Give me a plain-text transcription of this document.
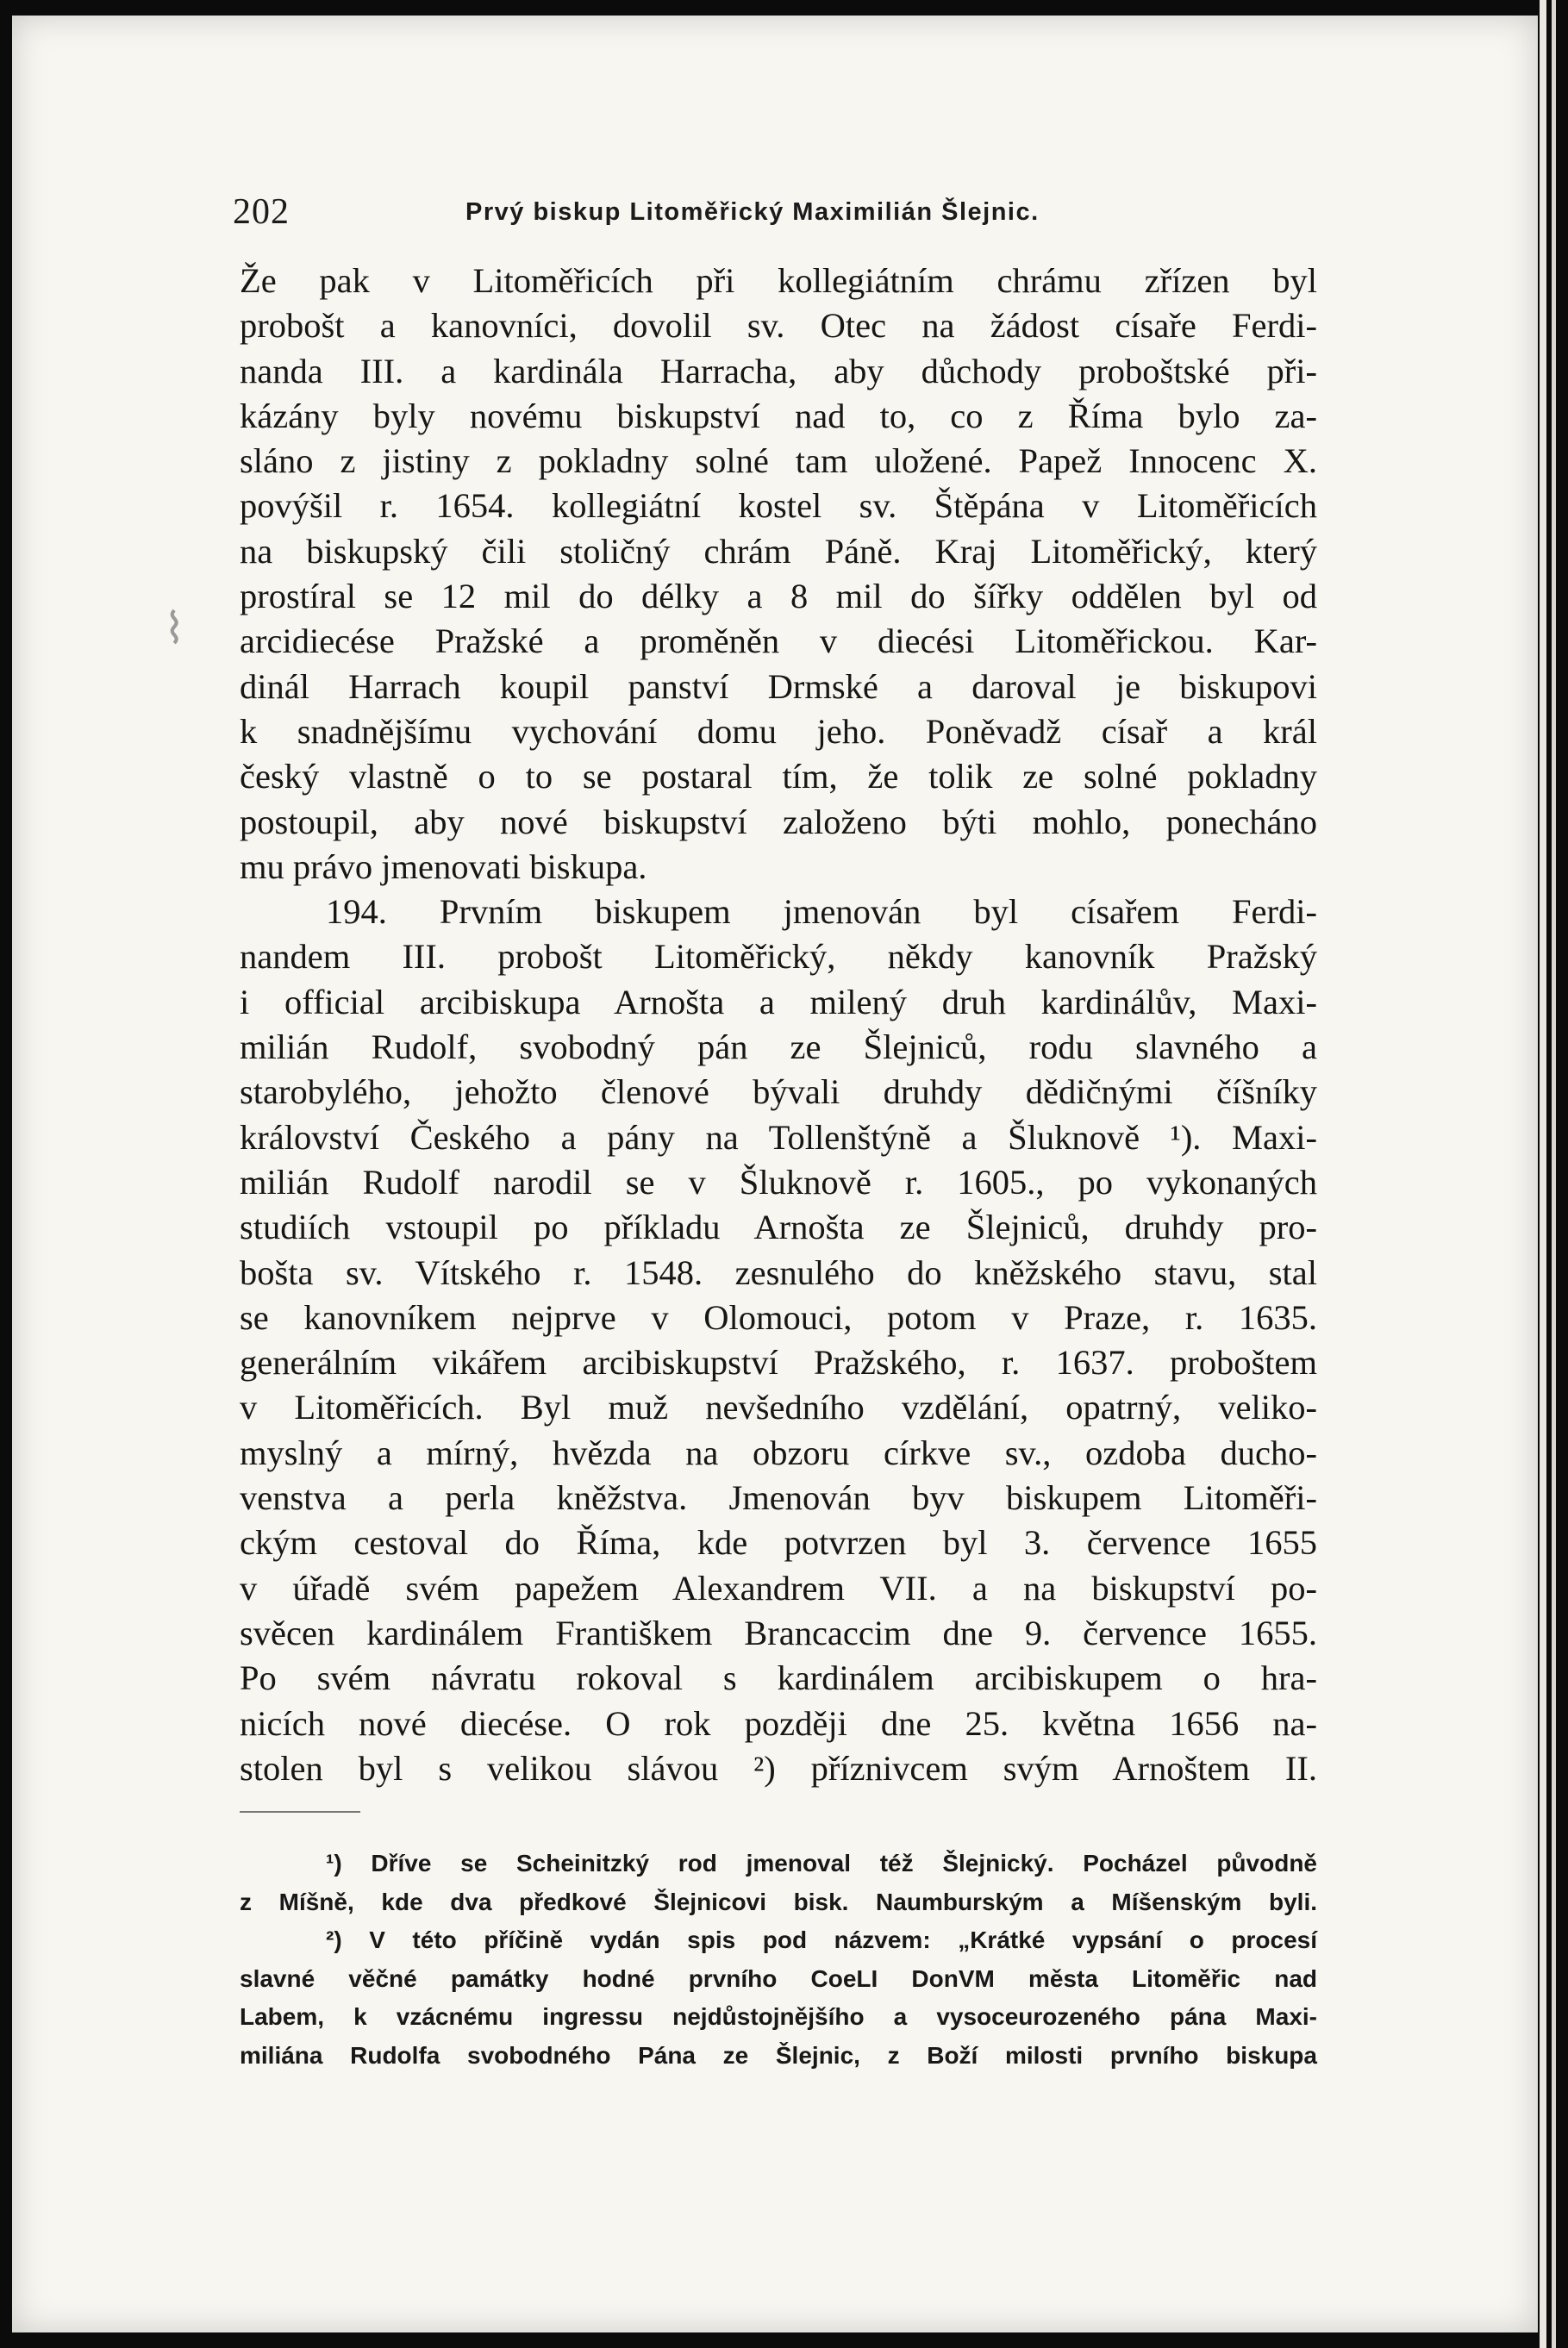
202	Prvý biskup Litoměřický Maximilián Šlejnic.
⌇
Že pak v Litoměřicích při kollegiátním chrámu zřízen byl
probošt a kanovníci, dovolil sv. Otec na žádost císaře Ferdi-
nanda III. a kardinála Harracha, aby důchody proboštské při-
kázány byly novému biskupství nad to, co z Říma bylo za-
sláno z jistiny z pokladny solné tam uložené. Papež Innocenc X.
povýšil r. 1654. kollegiátní kostel sv. Štěpána v Litoměřicích
na biskupský čili stoličný chrám Páně. Kraj Litoměřický, který
prostíral se 12 mil do délky a 8 mil do šířky oddělen byl od
arcidiecése Pražské a proměněn v diecési Litoměřickou. Kar-
dinál Harrach koupil panství Drmské a daroval je biskupovi
k snadnějšímu vychování domu jeho. Poněvadž císař a král
český vlastně o to se postaral tím, že tolik ze solné pokladny
postoupil, aby nové biskupství založeno býti mohlo, ponecháno
mu právo jmenovati biskupa.
194. Prvním biskupem jmenován byl císařem Ferdi-
nandem III. probošt Litoměřický, někdy kanovník Pražský
i official arcibiskupa Arnošta a milený druh kardinálův, Maxi-
milián Rudolf, svobodný pán ze Šlejniců, rodu slavného a
starobylého, jehožto členové bývali druhdy dědičnými číšníky
království Českého a pány na Tollenštýně a Šluknově ¹). Maxi-
milián Rudolf narodil se v Šluknově r. 1605., po vykonaných
studiích vstoupil po příkladu Arnošta ze Šlejniců, druhdy pro-
bošta sv. Vítského r. 1548. zesnulého do kněžského stavu, stal
se kanovníkem nejprve v Olomouci, potom v Praze, r. 1635.
generálním vikářem arcibiskupství Pražského, r. 1637. proboštem
v Litoměřicích. Byl muž nevšedního vzdělání, opatrný, veliko-
myslný a mírný, hvězda na obzoru církve sv., ozdoba ducho-
venstva a perla kněžstva. Jmenován byv biskupem Litoměři-
ckým cestoval do Říma, kde potvrzen byl 3. července 1655
v úřadě svém papežem Alexandrem VII. a na biskupství po-
svěcen kardinálem Františkem Brancaccim dne 9. července 1655.
Po svém návratu rokoval s kardinálem arcibiskupem o hra-
nicích nové diecése. O rok později dne 25. května 1656 na-
stolen byl s velikou slávou ²) příznivcem svým Arnoštem II.
¹) Dříve se Scheinitzký rod jmenoval též Šlejnický. Pocházel původně
z Míšně, kde dva předkové Šlejnicovi bisk. Naumburským a Míšenským byli.
²) V této příčině vydán spis pod názvem: „Krátké vypsání o procesí
slavné věčné památky hodné prvního CoeLI DonVM města Litoměřic nad
Labem, k vzácnému ingressu nejdůstojnějšího a vysoceurozeného pána Maxi-
miliána Rudolfa svobodného Pána ze Šlejnic, z Boží milosti prvního biskupa
